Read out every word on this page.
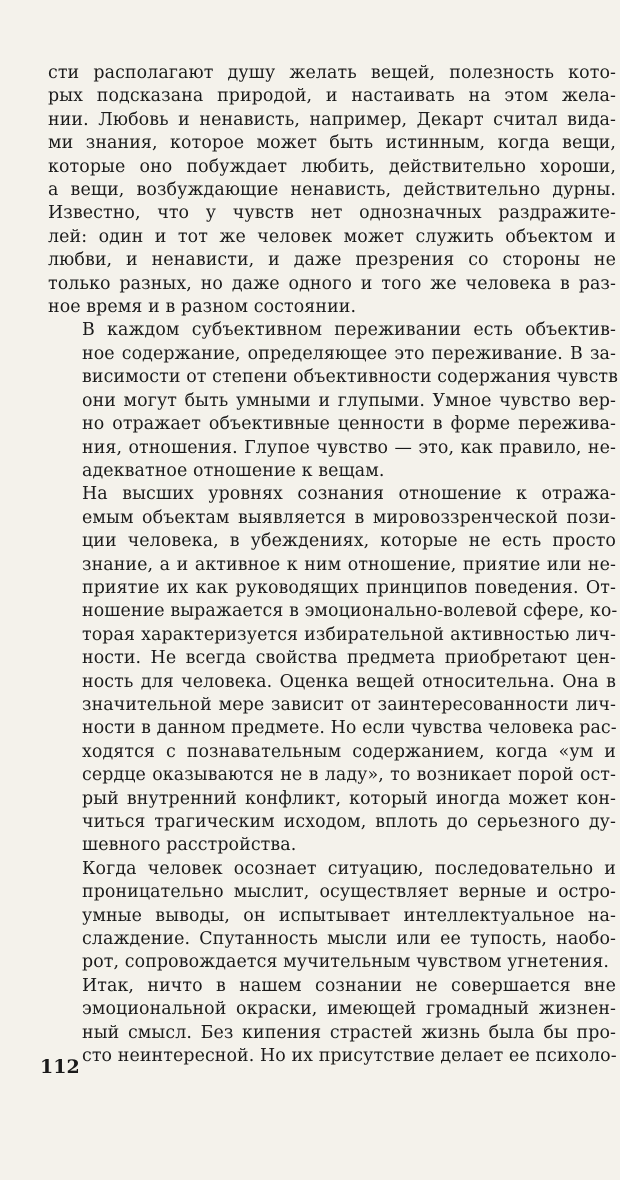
сти располагают душу желать вещей, полезность кото-
рых подсказана природой, и настаивать на этом жела-
нии. Любовь и ненависть, например, Декарт считал вида-
ми знания, которое может быть истинным, когда вещи,
которые оно побуждает любить, действительно хороши,
а вещи, возбуждающие ненависть, действительно дурны.
Известно, что у чувств нет однозначных раздражите-
лей: один и тот же человек может служить объектом и
любви, и ненависти, и даже презрения со стороны не
только разных, но даже одного и того же человека в раз-
ное время и в разном состоянии.
В каждом субъективном переживании есть объектив-
ное содержание, определяющее это переживание. В за-
висимости от степени объективности содержания чувств
они могут быть умными и глупыми. Умное чувство вер-
но отражает объективные ценности в форме пережива-
ния, отношения. Глупое чувство — это, как правило, не-
адекватное отношение к вещам.
На высших уровнях сознания отношение к отража-
емым объектам выявляется в мировоззренческой пози-
ции человека, в убеждениях, которые не есть просто
знание, а и активное к ним отношение, приятие или не-
приятие их как руководящих принципов поведения. От-
ношение выражается в эмоционально-волевой сфере, ко-
торая характеризуется избирательной активностью лич-
ности. Не всегда свойства предмета приобретают цен-
ность для человека. Оценка вещей относительна. Она в
значительной мере зависит от заинтересованности лич-
ности в данном предмете. Но если чувства человека рас-
ходятся с познавательным содержанием, когда «ум и
сердце оказываются не в ладу», то возникает порой ост-
рый внутренний конфликт, который иногда может кон-
читься трагическим исходом, вплоть до серьезного ду-
шевного расстройства.
Когда человек осознает ситуацию, последовательно и
проницательно мыслит, осуществляет верные и остро-
умные выводы, он испытывает интеллектуальное на-
слаждение. Спутанность мысли или ее тупость, наобо-
рот, сопровождается мучительным чувством угнетения.
Итак, ничто в нашем сознании не совершается вне
эмоциональной окраски, имеющей громадный жизнен-
ный смысл. Без кипения страстей жизнь была бы про-
сто неинтересной. Но их присутствие делает ее психоло-
112
